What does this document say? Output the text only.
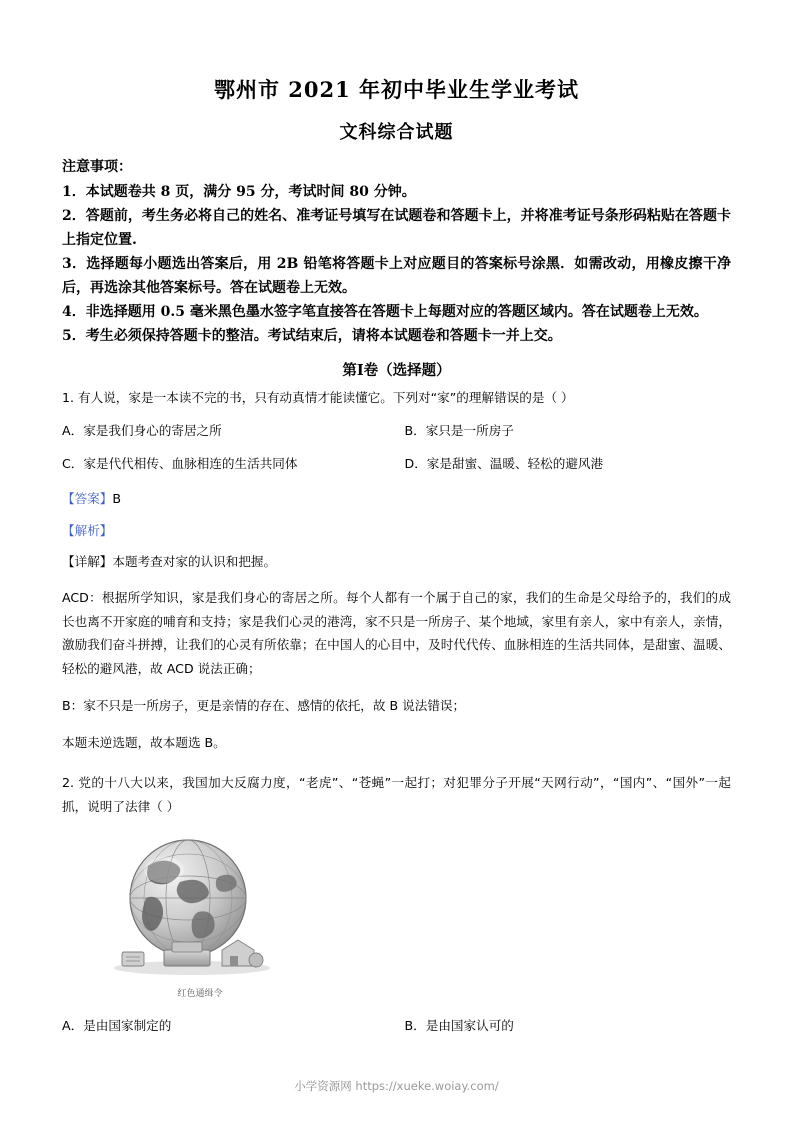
鄂州市 2021 年初中毕业生学业考试
文科综合试题
注意事项：

1．本试题卷共 8 页，满分 95 分，考试时间 80 分钟。

2．答题前，考生务必将自己的姓名、准考证号填写在试题卷和答题卡上，并将准考证号条形码粘贴在答题卡上指定位置.

3．选择题每小题选出答案后，用 2B 铅笔将答题卡上对应题目的答案标号涂黑．如需改动，用橡皮擦干净后，再选涂其他答案标号。答在试题卷上无效。

4．非选择题用 0.5 毫米黑色墨水签字笔直接答在答题卡上每题对应的答题区域内。答在试题卷上无效。

5．考生必须保持答题卡的整洁。考试结束后，请将本试题卷和答题卡一并上交。

第Ⅰ卷（选择题）

1. 有人说，家是一本读不完的书，只有动真情才能读懂它。下列对“家”的理解错误的是（ ）

A．家是我们身心的寄居之所	B．家只是一所房子
C．家是代代相传、血脉相连的生活共同体	D．家是甜蜜、温暖、轻松的避风港
【答案】B
【解析】
【详解】本题考查对家的认识和把握。

ACD：根据所学知识，家是我们身心的寄居之所。每个人都有一个属于自己的家，我们的生命是父母给予的，我们的成长也离不开家庭的哺育和支持；家是我们心灵的港湾，家不只是一所房子、某个地域，家里有亲人，家中有亲人，亲情，激励我们奋斗拼搏，让我们的心灵有所依靠；在中国人的心目中，及时代代传、血脉相连的生活共同体，是甜蜜、温暖、轻松的避风港，故 ACD 说法正确；

B：家不只是一所房子，更是亲情的存在、感情的依托，故 B 说法错误；

本题未逆选题，故本题选 B。

2. 党的十八大以来，我国加大反腐力度，“老虎”、“苍蝇”一起打；对犯罪分子开展“天网行动”，“国内”、“国外”一起抓，说明了法律（ ）

红色通缉令
A．是由国家制定的	B．是由国家认可的
小学资源网 https://xueke.woiay.com/
